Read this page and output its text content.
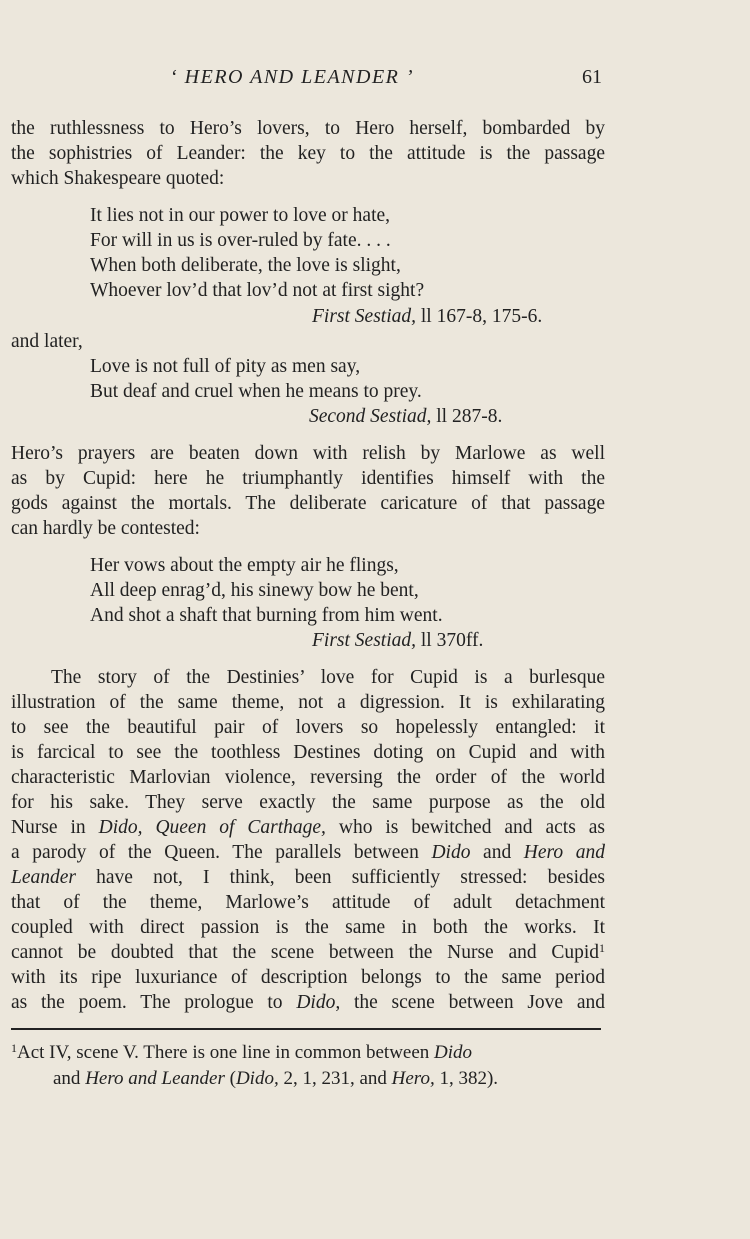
‘ HERO AND LEANDER ’	61
the ruthlessness to Hero’s lovers, to Hero herself, bombarded by
the sophistries of Leander: the key to the attitude is the passage
which Shakespeare quoted:
It lies not in our power to love or hate,
For will in us is over-ruled by fate. . . .
When both deliberate, the love is slight,
Whoever lov’d that lov’d not at first sight?
First Sestiad, ll 167-8, 175-6.
and later,
Love is not full of pity as men say,
But deaf and cruel when he means to prey.
Second Sestiad, ll 287-8.
Hero’s prayers are beaten down with relish by Marlowe as well
as by Cupid: here he triumphantly identifies himself with the
gods against the mortals. The deliberate caricature of that passage
can hardly be contested:
Her vows about the empty air he flings,
All deep enrag’d, his sinewy bow he bent,
And shot a shaft that burning from him went.
First Sestiad, ll 370ff.
The story of the Destinies’ love for Cupid is a burlesque
illustration of the same theme, not a digression. It is exhilarating
to see the beautiful pair of lovers so hopelessly entangled: it
is farcical to see the toothless Destines doting on Cupid and with
characteristic Marlovian violence, reversing the order of the world
for his sake. They serve exactly the same purpose as the old
Nurse in Dido, Queen of Carthage, who is bewitched and acts as
a parody of the Queen. The parallels between Dido and Hero and
Leander have not, I think, been sufficiently stressed: besides
that of the theme, Marlowe’s attitude of adult detachment
coupled with direct passion is the same in both the works. It
cannot be doubted that the scene between the Nurse and Cupid$^1$
with its ripe luxuriance of description belongs to the same period
as the poem. The prologue to Dido, the scene between Jove and
$^1$Act IV, scene V. There is one line in common between Dido
and Hero and Leander (Dido, 2, 1, 231, and Hero, 1, 382).
